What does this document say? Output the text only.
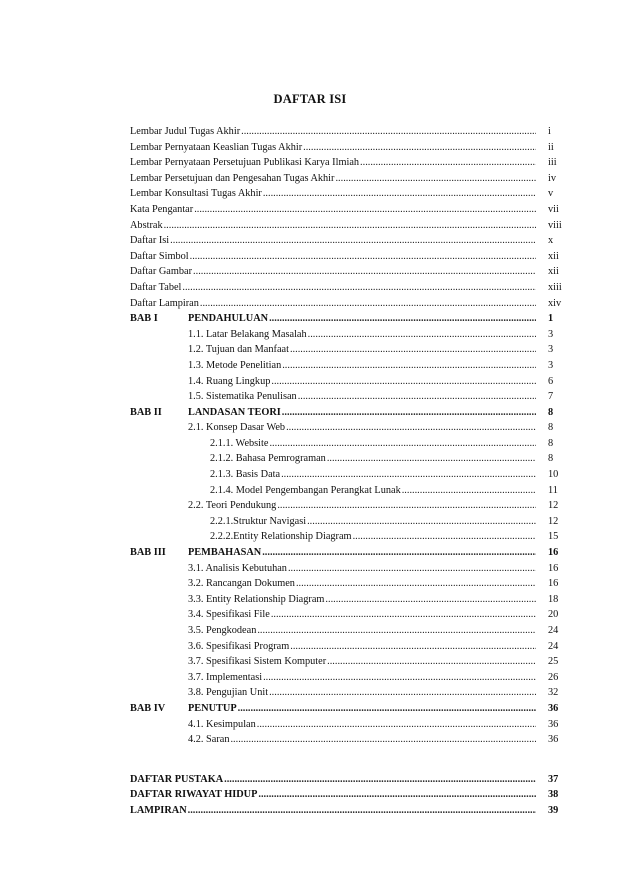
DAFTAR ISI
Lembar Judul Tugas Akhir .....	i
Lembar Pernyataan Keaslian Tugas Akhir .....	ii
Lembar Pernyataan Persetujuan Publikasi Karya Ilmiah .....	iii
Lembar Persetujuan dan Pengesahan Tugas Akhir .....	iv
Lembar Konsultasi Tugas Akhir .....	v
Kata Pengantar .....	vii
Abstrak .....	viii
Daftar Isi .....	x
Daftar Simbol .....	xii
Daftar Gambar .....	xii
Daftar Tabel .....	xiii
Daftar Lampiran .....	xiv
BAB I	PENDAHULUAN .....	1
1.1. Latar Belakang Masalah .....	3
1.2. Tujuan dan Manfaat .....	3
1.3. Metode Penelitian .....	3
1.4. Ruang Lingkup .....	6
1.5. Sistematika Penulisan .....	7
BAB II	LANDASAN TEORI .....	8
2.1. Konsep Dasar Web .....	8
2.1.1. Website .....	8
2.1.2. Bahasa Pemrograman .....	8
2.1.3. Basis Data .....	10
2.1.4. Model Pengembangan Perangkat Lunak .....	11
2.2. Teori Pendukung .....	12
2.2.1.Struktur Navigasi .....	12
2.2.2.Entity Relationship Diagram .....	15
BAB III PEMBAHASAN .....	16
3.1. Analisis Kebutuhan .....	16
3.2. Rancangan Dokumen .....	16
3.3. Entity Relationship Diagram .....	18
3.4. Spesifikasi File .....	20
3.5. Pengkodean .....	24
3.6. Spesifikasi Program .....	24
3.7. Spesifikasi Sistem Komputer .....	25
3.7. Implementasi .....	26
3.8. Pengujian Unit .....	32
BAB IV PENUTUP .....	36
4.1. Kesimpulan .....	36
4.2. Saran .....	36
DAFTAR PUSTAKA .....	37
DAFTAR RIWAYAT HIDUP .....	38
LAMPIRAN .....	39
